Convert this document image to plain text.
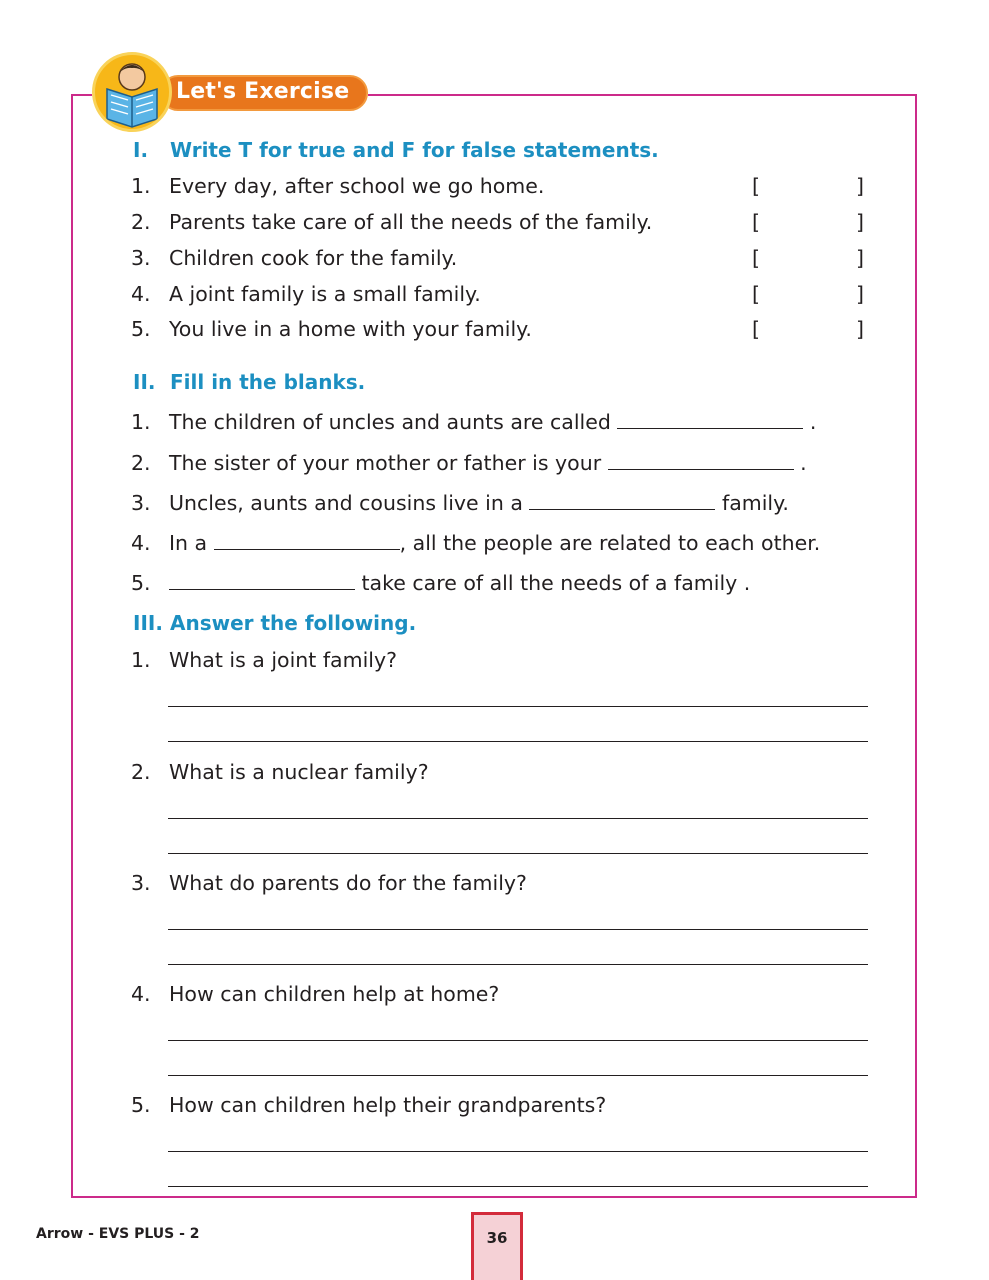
Let's Exercise
I. Write T for true and F for false statements.
1. Every day, after school we go home.	[	]
2. Parents take care of all the needs of the family.	[	]
3. Children cook for the family.	[	]
4. A joint family is a small family.	[	]
5. You live in a home with your family.	[	]
II. Fill in the blanks.
1. The children of uncles and aunts are called	.
2. The sister of your mother or father is your	.
3. Uncles, aunts and cousins live in a	family.
4. In a	, all the people are related to each other.
5.	take care of all the needs of a family .
III. Answer the following.
1. What is a joint family?
2. What is a nuclear family?
3. What do parents do for the family?
4. How can children help at home?
5. How can children help their grandparents?
Arrow - EVS PLUS - 2	36
